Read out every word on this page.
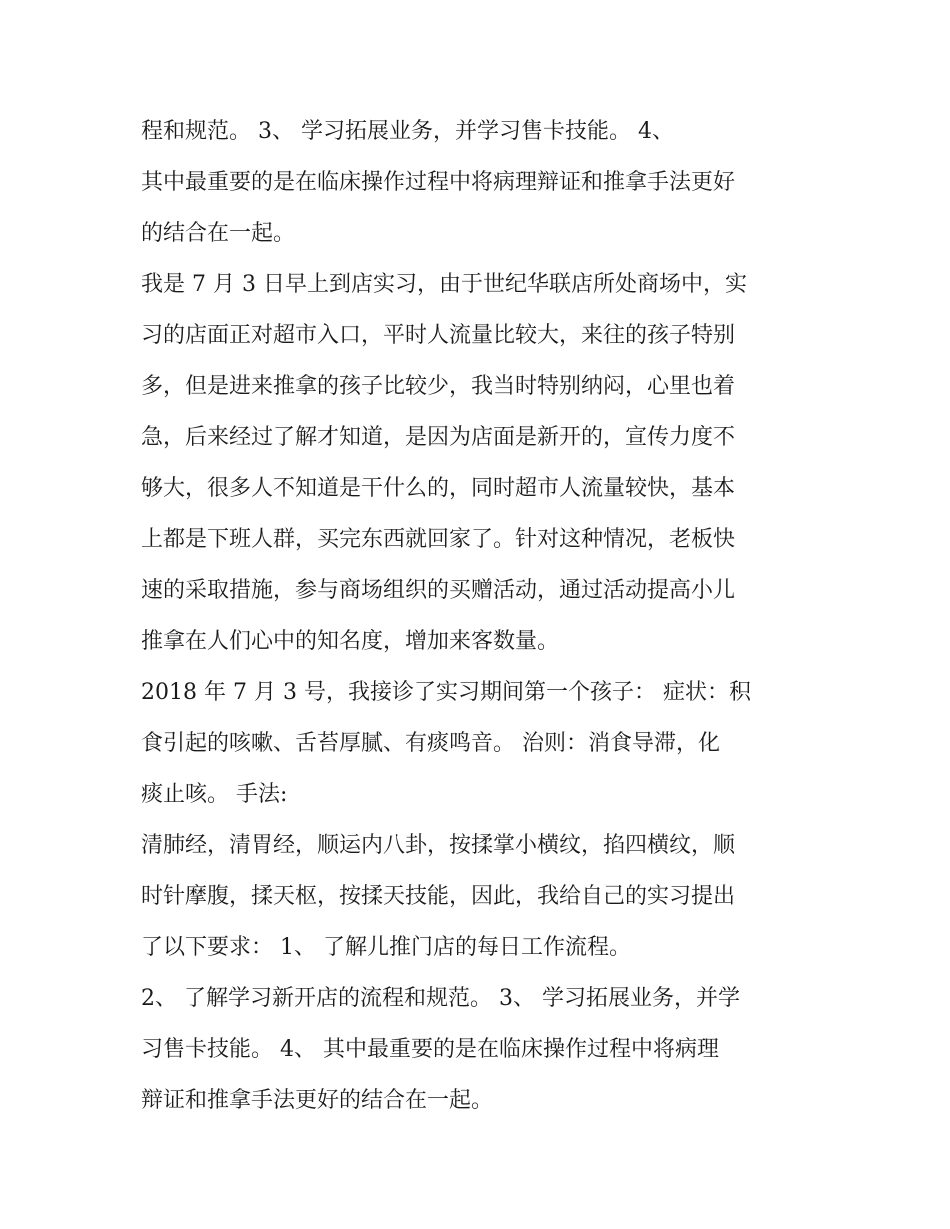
程和规范。 3、 学习拓展业务，并学习售卡技能。 4、
其中最重要的是在临床操作过程中将病理辩证和推拿手法更好
的结合在一起。
我是 7 月 3 日早上到店实习，由于世纪华联店所处商场中，实
习的店面正对超市入口，平时人流量比较大，来往的孩子特别
多，但是进来推拿的孩子比较少，我当时特别纳闷，心里也着
急，后来经过了解才知道，是因为店面是新开的，宣传力度不
够大，很多人不知道是干什么的，同时超市人流量较快，基本
上都是下班人群，买完东西就回家了。针对这种情况，老板快
速的采取措施，参与商场组织的买赠活动，通过活动提高小儿
推拿在人们心中的知名度，增加来客数量。
2018 年 7 月 3 号，我接诊了实习期间第一个孩子： 症状：积
食引起的咳嗽、舌苔厚腻、有痰鸣音。 治则：消食导滞，化
痰止咳。 手法:
清肺经，清胃经，顺运内八卦，按揉掌小横纹，掐四横纹，顺
时针摩腹，揉天枢，按揉天技能，因此，我给自己的实习提出
了以下要求： 1、 了解儿推门店的每日工作流程。
2、 了解学习新开店的流程和规范。 3、 学习拓展业务，并学
习售卡技能。 4、 其中最重要的是在临床操作过程中将病理
辩证和推拿手法更好的结合在一起。
